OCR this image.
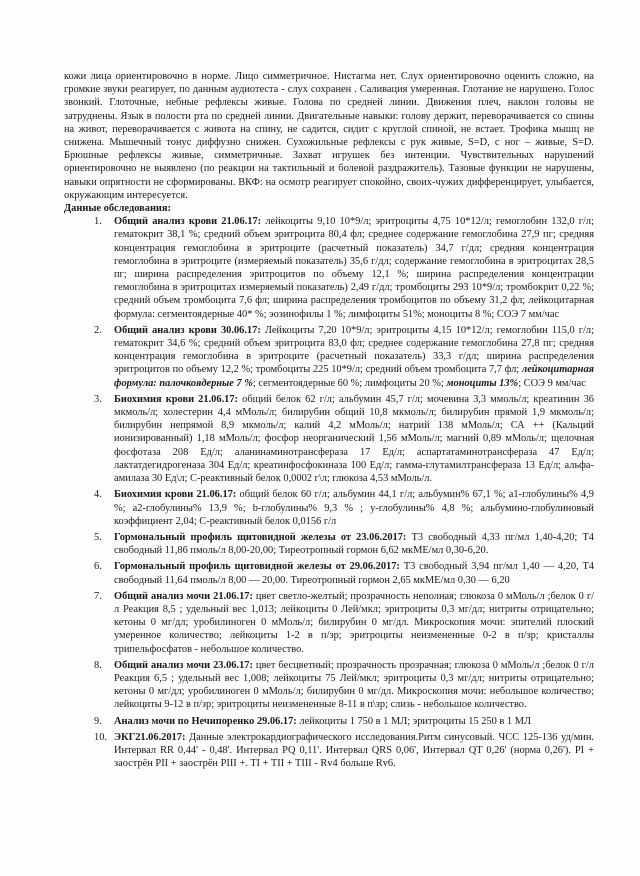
кожи лица ориентировочно в норме. Лицо симметричное. Нистагма нет. Слух ориентировочно оценить сложно, на громкие звуки реагирует, по данным аудиотеста - слух сохранен . Саливация умеренная. Глотание не нарушено. Голос звонкий. Глоточные, небные рефлексы живые. Голова по средней линии. Движения плеч, наклон головы не затруднены. Язык в полости рта по средней линии. Двигательные навыки: голову держит, переворачивается со спины на живот, переворачивается с живота на спину, не садится, сидит с круглой спиной, не встает. Трофика мышц не снижена. Мышечный тонус диффузно снижен. Сухожильные рефлексы с рук живые, S=D, с ног – живые, S=D. Брюшные рефлексы живые, симметричные. Захват игрушек без интенции. Чувствительных нарушений ориентировочно не выявлено (по реакции на тактильный и болевой раздражитель). Тазовые функции не нарушены, навыки опрятности не сформированы. ВКФ: на осмотр реагирует спокойно, своих-чужих дифференцирует, улыбается, окружающим интересуется.

Данные обследования:

1. Общий анализ крови 21.06.17: лейкоциты 9,10 10*9/л; эритроциты 4,75 10*12/л; гемоглобин 132,0 г/л; гематокрит 38,1 %; средний объем эритроцита 80,4 фл; среднее содержание гемоглобина 27,9 пг; средняя концентрация гемоглобина в эритроците (расчетный показатель) 34,7 г/дл; средняя концентрация гемоглобина в эритроците (измеряемый показатель) 35,6 г/дл; содержание гемоглобина в эритроцитах 28,5 пг; ширина распределения эритроцитов по объему 12,1 %; ширина распределения концентрации гемоглобина в эритроцитах измеряемый показатель) 2,49 г/дл; тромбоциты 293 10*9/л; тромбокрит 0,22 %; средний объем тромбоцита 7,6 фл; ширина распределения тромбоцитов по объему 31,2 фл; лейкоцитарная формула: сегментоядерные 40* %; эозинофилы 1 %; лимфоциты 51%; моноциты 8 %; СОЭ 7 мм/час
2. Общий анализ крови 30.06.17: Лейкоциты 7,20 10*9/л; эритроциты 4,15 10*12/л; гемоглобин 115,0 г/л; гематокрит 34,6 %; средний объем эритроцита 83,0 фл; среднее содержание гемоглобина 27,8 пг; средняя концентрация гемоглобина в эритроците (расчетный показатель) 33,3 г/дл; ширина распределения эритроцитов по объему 12,2 %; тромбоциты 225 10*9/л; средний объем тромбоцита 7,7 фл; лейкоцитарная формула: палочкоядерные 7 %; сегментоядерные 60 %; лимфоциты 20 %; моноциты 13%; СОЭ 9 мм/час
3. Биохимия крови 21.06.17: общий белок 62 г/л; альбумин 45,7 г/л; мочевина 3,3 ммоль/л; креатинин 36 мкмоль/л; холестерин 4,4 мМоль/л; билирубин общий 10,8 мкмоль/л; билирубин прямой 1,9 мкмоль/л; билирубин непрямой 8,9 мкмоль/л; калий 4,2 мМоль/л; натрий 138 мМоль/л; СА ++ (Кальций ионизированный) 1,18 мМоль/л; фосфор неорганический 1,56 мМоль/л; магний 0,89 мМоль/л; щелочная фосфотаза 208 Ед/л; аланинаминотрансфераза 17 Ед/л; аспартатаминотрансфераза 47 Ед/л; лактатдегидрогеназа 304 Ед/л; креатинфосфокиназа 100 Ед/л; гамма-глутамилтрансфераза 13 Ед/л; альфа-амилаза 30 Ед\л; С-реактивный белок 0,0002 г\л; глюкоза 4,53 мМоль/л.
4. Биохимия крови 21.06.17: общий белок 60 г/л; альбумин 44,1 г/л; альбумин% 67,1 %; а1-глобулины% 4,9 %; а2-глобулины% 13,9 %; b-глобулины% 9,3 % ; у-глобулины% 4,8 %; альбумино-глобулиновый коэффициент 2,04; С-реактивный белок 0,0156 г/л
5. Гормональный профиль щитовидной железы от 23.06.2017: Т3 свободный 4,33 пг/мл 1,40-4,20; Т4 свободный 11,86 пмоль/л 8,00-20,00; Тиреотропный гормон 6,62 мкМЕ/мл 0,30-6,20.
6. Гормональный профиль щитовидной железы от 29.06.2017: Т3 свободный 3,94 пг/мл 1,40 — 4,20, Т4 свободный 11,64 пмоль/л 8,00 — 20,00. Тиреотропный гормон 2,65 мкМЕ/мл 0,30 — 6,20
7. Общий анализ мочи 21.06.17: цвет светло-желтый; прозрачность неполная; глюкоза 0 мМоль/л ;белок 0 г/л Реакция 8,5 ; удельный вес 1,013; лейкоциты 0 Лей/мкл; эритроциты 0,3 мг/дл; нитриты отрицательно; кетоны 0 мг/дл; уробилиноген 0 мМоль/л; билирубин 0 мг/дл. Микроскопия мочи: эпителий плоский умеренное количество; лейкоциты 1-2 в п/зр; эритроциты неизмененные 0-2 в п/зр; кристаллы трипельфосфатов - небольшое количество.
8. Общий анализ мочи 23.06.17: цвет бесцветный; прозрачность прозрачная; глюкоза 0 мМоль/л ;белок 0 г/л Реакция 6,5 ; удельный вес 1,008; лейкоциты 75 Лей/мкл; эритроциты 0,3 мг/дл; нитриты отрицательно; кетоны 0 мг/дл; уробилиноген 0 мМоль/л; билирубин 0 мг/дл. Микроскопия мочи: небольшое количество; лейкоциты 9-12 в п/зр; эритроциты неизмененные 8-11 в п\зр; слизь - небольшое количество.
9. Анализ мочи по Нечипоренко 29.06.17: лейкоциты 1 750 в 1 МЛ; эритроциты 15 250 в 1 МЛ
10. ЭКГ21.06.2017: Данные электрокардиографического исследования.Ритм синусовый. ЧСС 125-136 уд/мин. Интервал RR 0,44' - 0,48'. Интервал PQ 0,11'. Интервал QRS 0,06', Интервал QT 0,26' (норма 0,26'). PI + заострён PII + заострён PIII +. TI + TII + TIII - Rv4 больше Rv6.
